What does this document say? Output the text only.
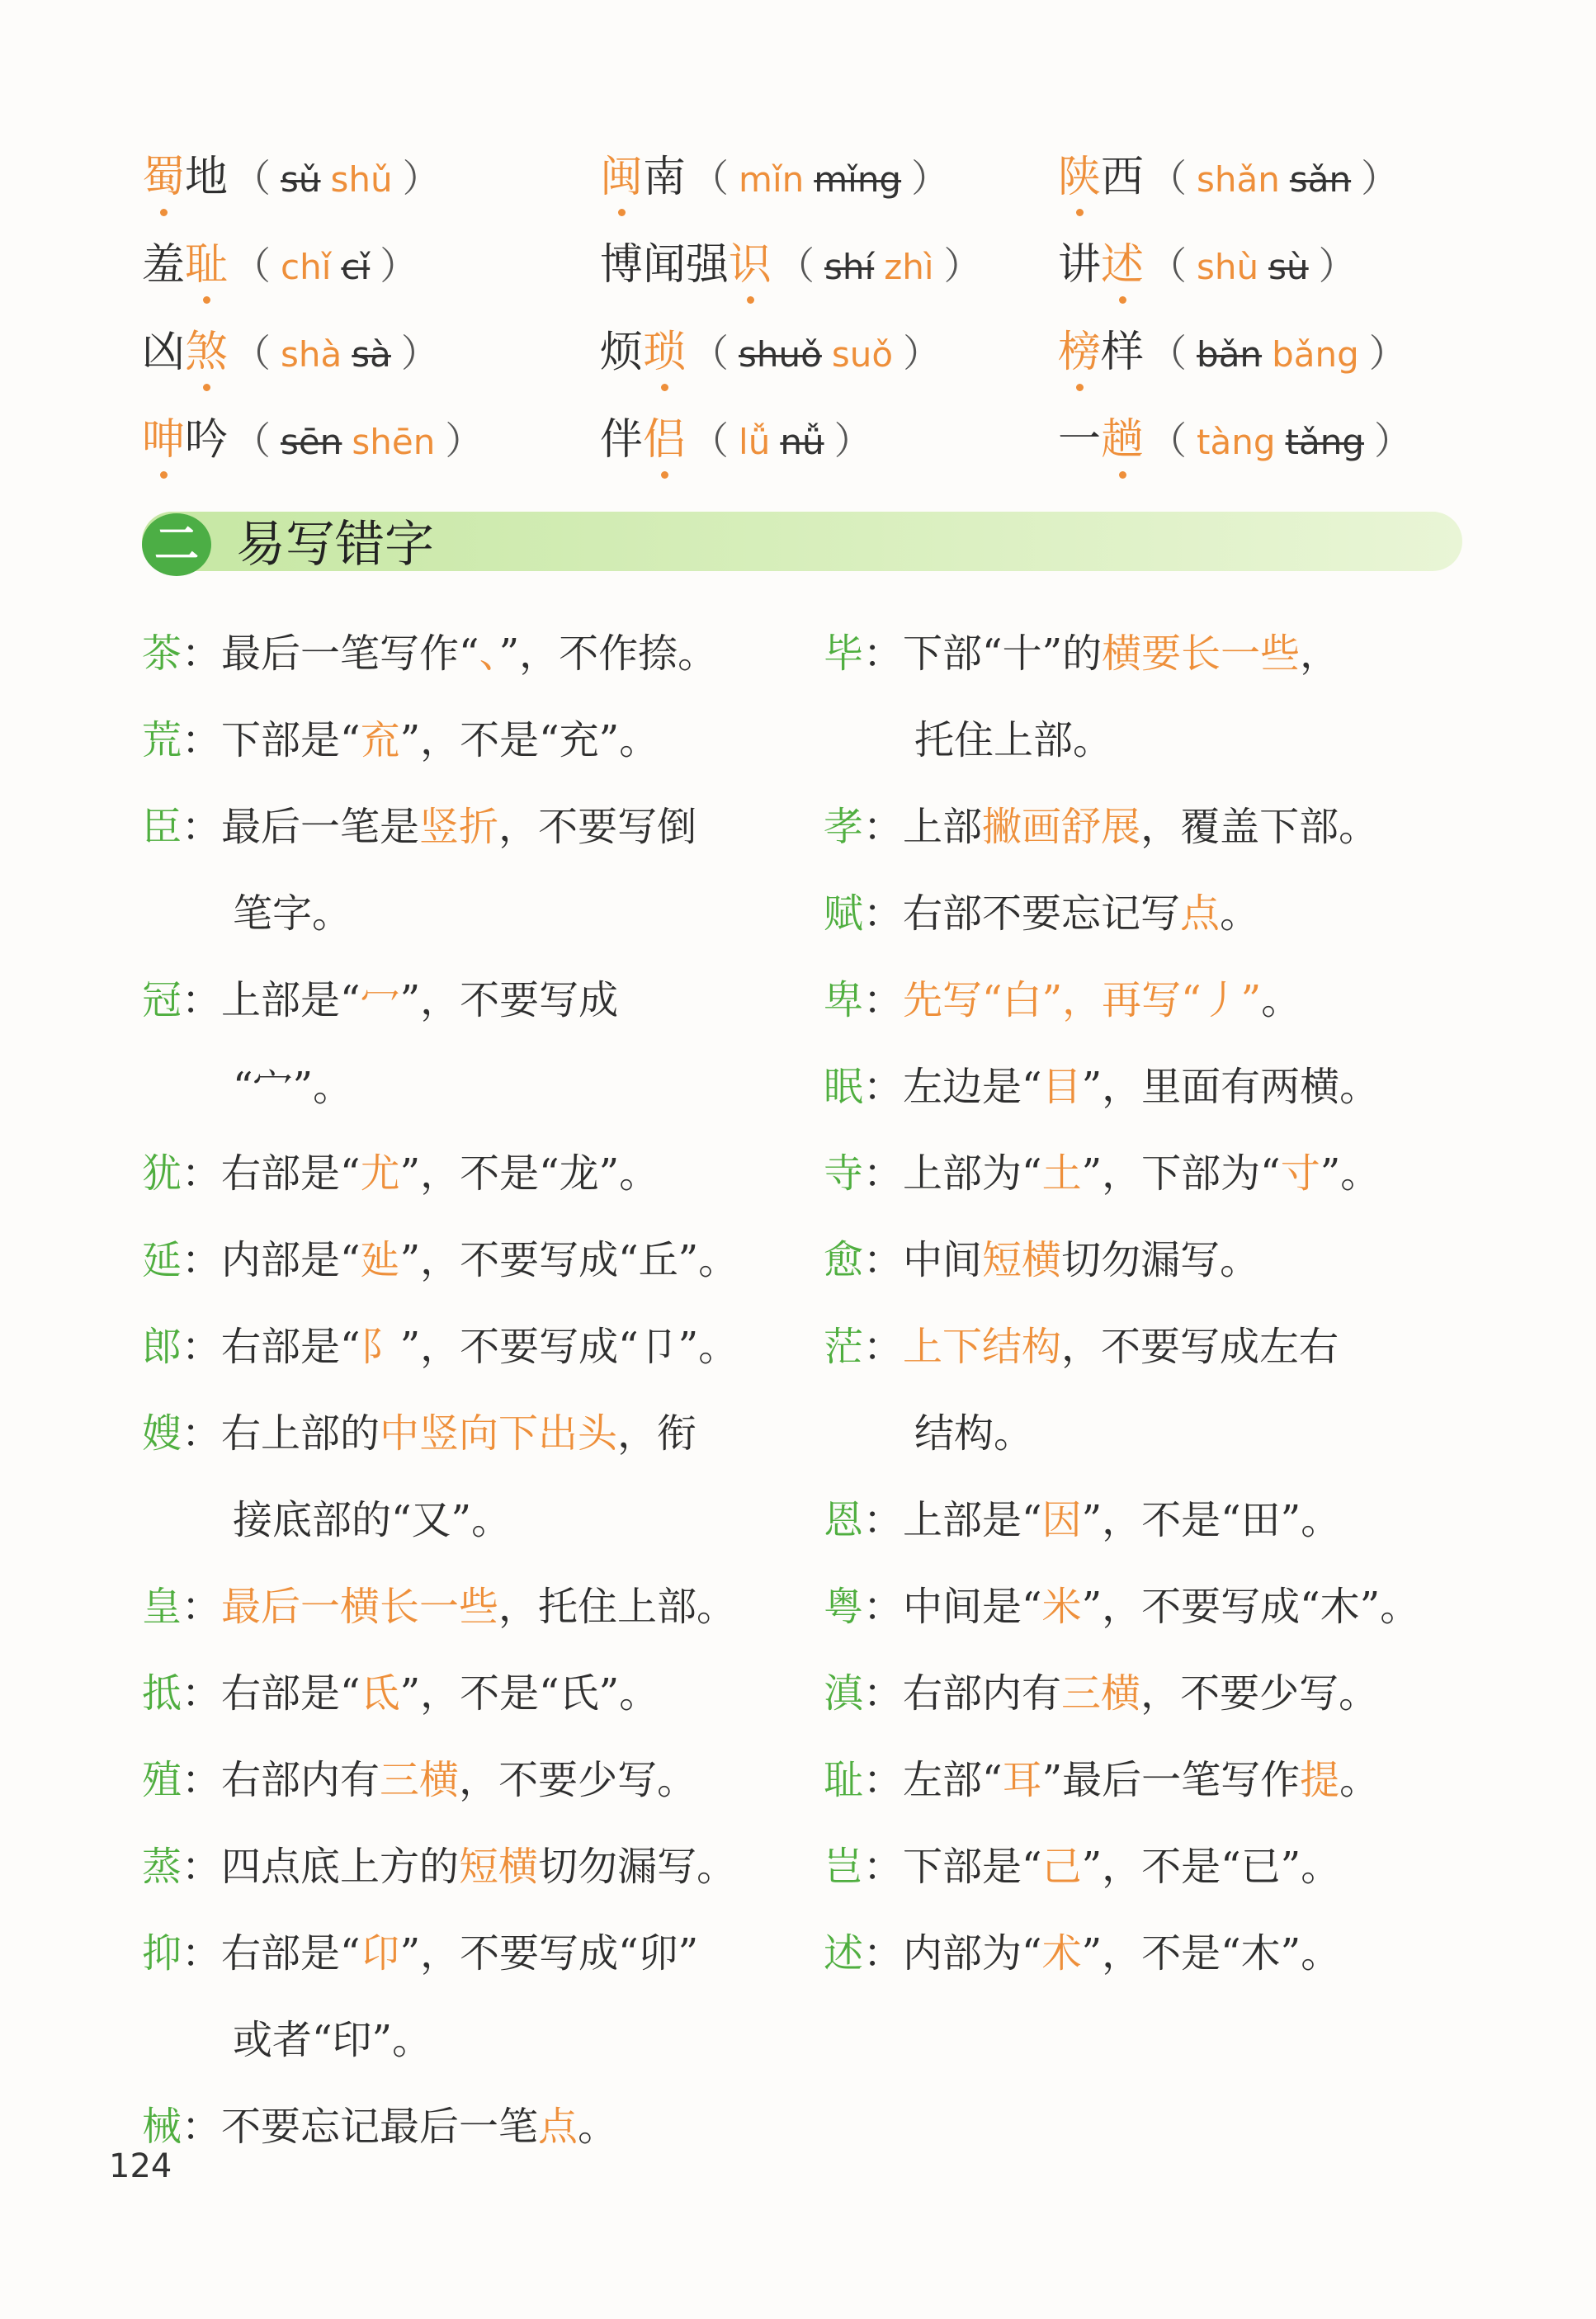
蜀地 （ sǔ shǔ ）	闽南 （ mǐn mǐng ）	陕西 （ shǎn sǎn ）
羞耻 （ chǐ cǐ ）	博闻强识 （ shí zhì ） 讲述 （ shù sù ）
凶煞 （ shà sà ）	烦琐 （ shuǒ suǒ ）	榜样 （ bǎn bǎng ）
呻吟 （ sēn shēn ）	伴侣 （ lǚ nǚ ）	一趟 （ tàng tǎng ）
二 易写错字
茶：最后一笔写作“、”，不作捺。
荒：下部是“㐬”，不是“充”。
臣：最后一笔是竖折，不要写倒
笔字。
冠：上部是“冖”，不要写成
“宀”。
犹：右部是“尤”，不是“龙”。
延：内部是“㢟”，不要写成“丘”。
郎：右部是“阝”，不要写成“卩”。
嫂：右上部的中竖向下出头，衔
接底部的“又”。
皇：最后一横长一些，托住上部。
抵：右部是“氐”，不是“氏”。
殖：右部内有三横，不要少写。
蒸：四点底上方的短横切勿漏写。
抑：右部是“卬”，不要写成“卯”
或者“印”。
械：不要忘记最后一笔点。
毕：下部“十”的横要长一些，
托住上部。
孝：上部撇画舒展，覆盖下部。
赋：右部不要忘记写点。
卑：先写“白”，再写“丿”。
眠：左边是“目”，里面有两横。
寺：上部为“土”，下部为“寸”。
愈：中间短横切勿漏写。
茫：上下结构，不要写成左右
结构。
恩：上部是“因”，不是“田”。
粤：中间是“米”，不要写成“木”。
滇：右部内有三横，不要少写。
耻：左部“耳”最后一笔写作提。
岂：下部是“己”，不是“已”。
述：内部为“术”，不是“木”。
124
